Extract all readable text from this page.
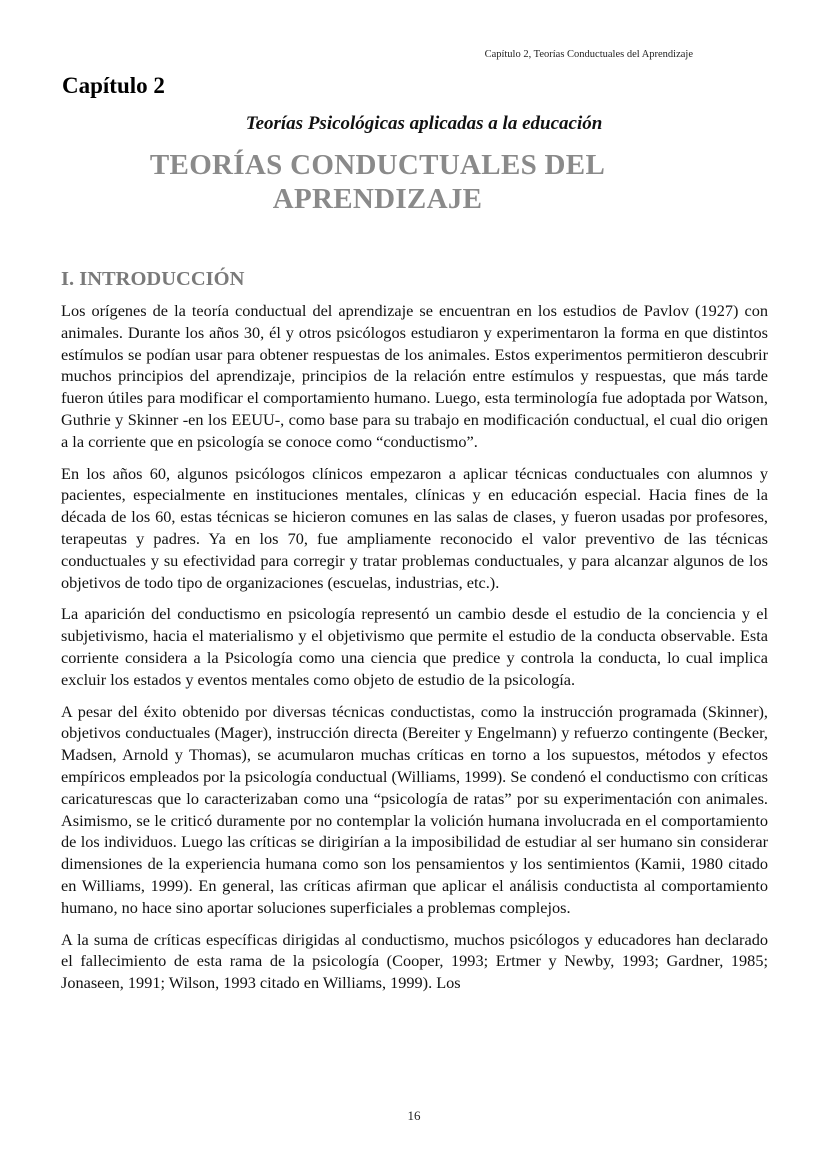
Capítulo 2, Teorías Conductuales del Aprendizaje
Capítulo 2
Teorías Psicológicas aplicadas a la educación
TEORÍAS CONDUCTUALES DEL
APRENDIZAJE
I. INTRODUCCIÓN

Los orígenes de la teoría conductual del aprendizaje se encuentran en los estudios de Pavlov (1927) con animales. Durante los años 30, él y otros psicólogos estudiaron y experimentaron la forma en que distintos estímulos se podían usar para obtener respuestas de los animales. Estos experimentos permitieron descubrir muchos principios del aprendizaje, principios de la relación entre estímulos y respuestas, que más tarde fueron útiles para modificar el comportamiento humano. Luego, esta terminología fue adoptada por Watson, Guthrie y Skinner -en los EEUU-, como base para su trabajo en modificación conductual, el cual dio origen a la corriente que en psicología se conoce como “conductismo”.

En los años 60, algunos psicólogos clínicos empezaron a aplicar técnicas conductuales con alumnos y pacientes, especialmente en instituciones mentales, clínicas y en educación especial. Hacia fines de la década de los 60, estas técnicas se hicieron comunes en las salas de clases, y fueron usadas por profesores, terapeutas y padres. Ya en los 70, fue ampliamente reconocido el valor preventivo de las técnicas conductuales y su efectividad para corregir y tratar problemas conductuales, y para alcanzar algunos de los objetivos de todo tipo de organizaciones (escuelas, industrias, etc.).

La aparición del conductismo en psicología representó un cambio desde el estudio de la conciencia y el subjetivismo, hacia el materialismo y el objetivismo que permite el estudio de la conducta observable. Esta corriente considera a la Psicología como una ciencia que predice y controla la conducta, lo cual implica excluir los estados y eventos mentales como objeto de estudio de la psicología.

A pesar del éxito obtenido por diversas técnicas conductistas, como la instrucción programada (Skinner), objetivos conductuales (Mager), instrucción directa (Bereiter y Engelmann) y refuerzo contingente (Becker, Madsen, Arnold y Thomas), se acumularon muchas críticas en torno a los supuestos, métodos y efectos empíricos empleados por la psicología conductual (Williams, 1999). Se condenó el conductismo con críticas caricaturescas que lo caracterizaban como una “psicología de ratas” por su experimentación con animales. Asimismo, se le criticó duramente por no contemplar la volición humana involucrada en el comportamiento de los individuos. Luego las críticas se dirigirían a la imposibilidad de estudiar al ser humano sin considerar dimensiones de la experiencia humana como son los pensamientos y los sentimientos (Kamii, 1980 citado en Williams, 1999). En general, las críticas afirman que aplicar el análisis conductista al comportamiento humano, no hace sino aportar soluciones superficiales a problemas complejos.

A la suma de críticas específicas dirigidas al conductismo, muchos psicólogos y educadores han declarado el fallecimiento de esta rama de la psicología (Cooper, 1993; Ertmer y Newby, 1993; Gardner, 1985; Jonaseen, 1991; Wilson, 1993 citado en Williams, 1999). Los

16
